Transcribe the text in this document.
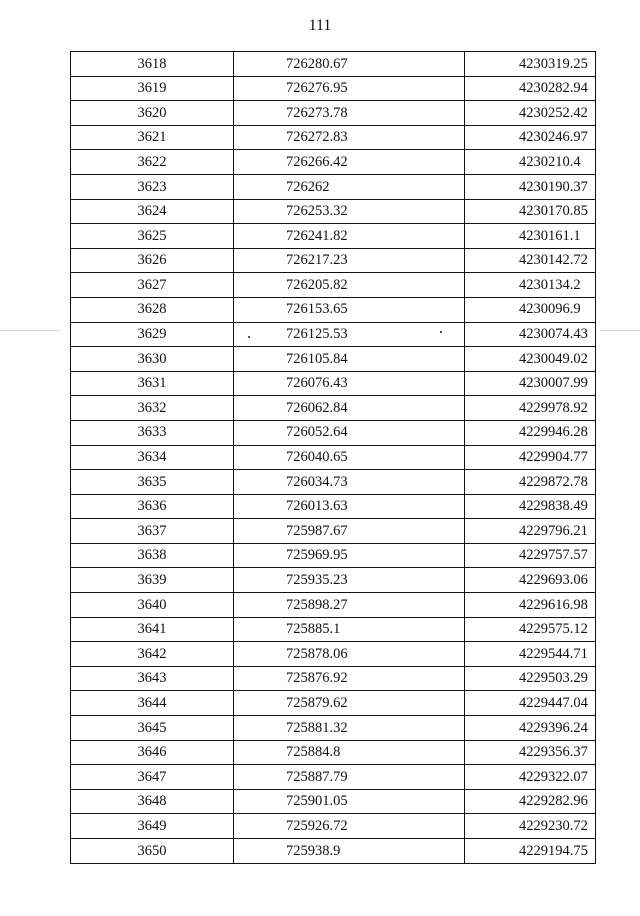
111
3618	726280.67	4230319.25
3619	726276.95	4230282.94
3620	726273.78	4230252.42
3621	726272.83	4230246.97
3622	726266.42	4230210.4
3623	726262	4230190.37
3624	726253.32	4230170.85
3625	726241.82	4230161.1
3626	726217.23	4230142.72
3627	726205.82	4230134.2
3628	726153.65	4230096.9
3629	726125.53	4230074.43
3630	726105.84	4230049.02
3631	726076.43	4230007.99
3632	726062.84	4229978.92
3633	726052.64	4229946.28
3634	726040.65	4229904.77
3635	726034.73	4229872.78
3636	726013.63	4229838.49
3637	725987.67	4229796.21
3638	725969.95	4229757.57
3639	725935.23	4229693.06
3640	725898.27	4229616.98
3641	725885.1	4229575.12
3642	725878.06	4229544.71
3643	725876.92	4229503.29
3644	725879.62	4229447.04
3645	725881.32	4229396.24
3646	725884.8	4229356.37
3647	725887.79	4229322.07
3648	725901.05	4229282.96
3649	725926.72	4229230.72
3650	725938.9	4229194.75
